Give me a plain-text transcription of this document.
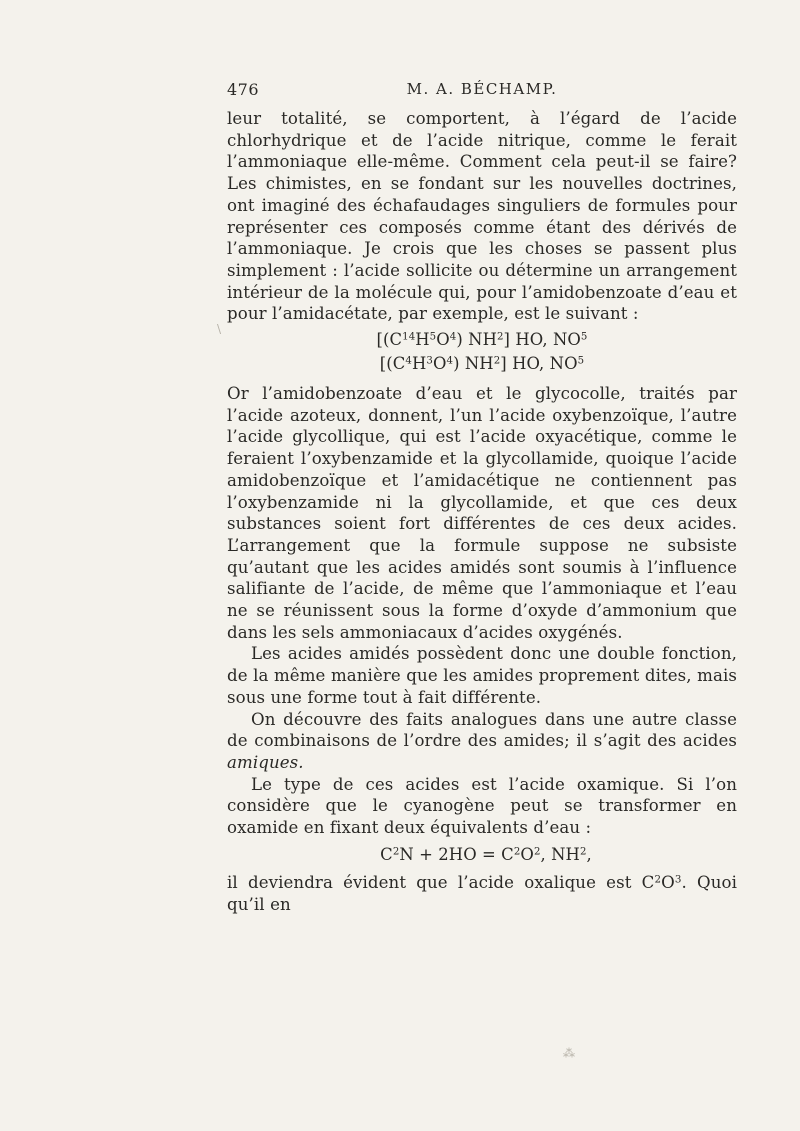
476	M. A. BÉCHAMP.

leur totalité, se comportent, à l’égard de l’acide chlorhydrique et de l’acide nitrique, comme le ferait l’ammoniaque elle-même. Comment cela peut-il se faire? Les chimistes, en se fondant sur les nouvelles doctrines, ont imaginé des échafaudages singuliers de formules pour représenter ces composés comme étant des dérivés de l’ammoniaque. Je crois que les choses se passent plus simplement : l’acide sollicite ou détermine un arrangement intérieur de la molécule qui, pour l’amidobenzoate d’eau et pour l’amidacétate, par exemple, est le suivant :

[$(C^{14}H^5O^4)$ $NH^2$] HO, $NO^5$
[$(C^4H^3O^4)$ $NH^2$] HO, $NO^5$

Or l’amidobenzoate d’eau et le glycocolle, traités par l’acide azoteux, donnent, l’un l’acide oxybenzoïque, l’autre l’acide glycollique, qui est l’acide oxyacétique, comme le feraient l’oxybenzamide et la glycollamide, quoique l’acide amidobenzoïque et l’amidacétique ne contiennent pas l’oxybenzamide ni la glycollamide, et que ces deux substances soient fort différentes de ces deux acides. L’arrangement que la formule suppose ne subsiste qu’autant que les acides amidés sont soumis à l’influence salifiante de l’acide, de même que l’ammoniaque et l’eau ne se réunissent sous la forme d’oxyde d’ammonium que dans les sels ammoniacaux d’acides oxygénés.

Les acides amidés possèdent donc une double fonction, de la même manière que les amides proprement dites, mais sous une forme tout à fait différente.

On découvre des faits analogues dans une autre classe de combinaisons de l’ordre des amides; il s’agit des acides amiques.

Le type de ces acides est l’acide oxamique. Si l’on considère que le cyanogène peut se transformer en oxamide en fixant deux équivalents d’eau :

$C^2N + 2HO = C^2O^2$, $NH^2$,

il deviendra évident que l’acide oxalique est $C^2O^3$. Quoi qu’il en

\
⁂
